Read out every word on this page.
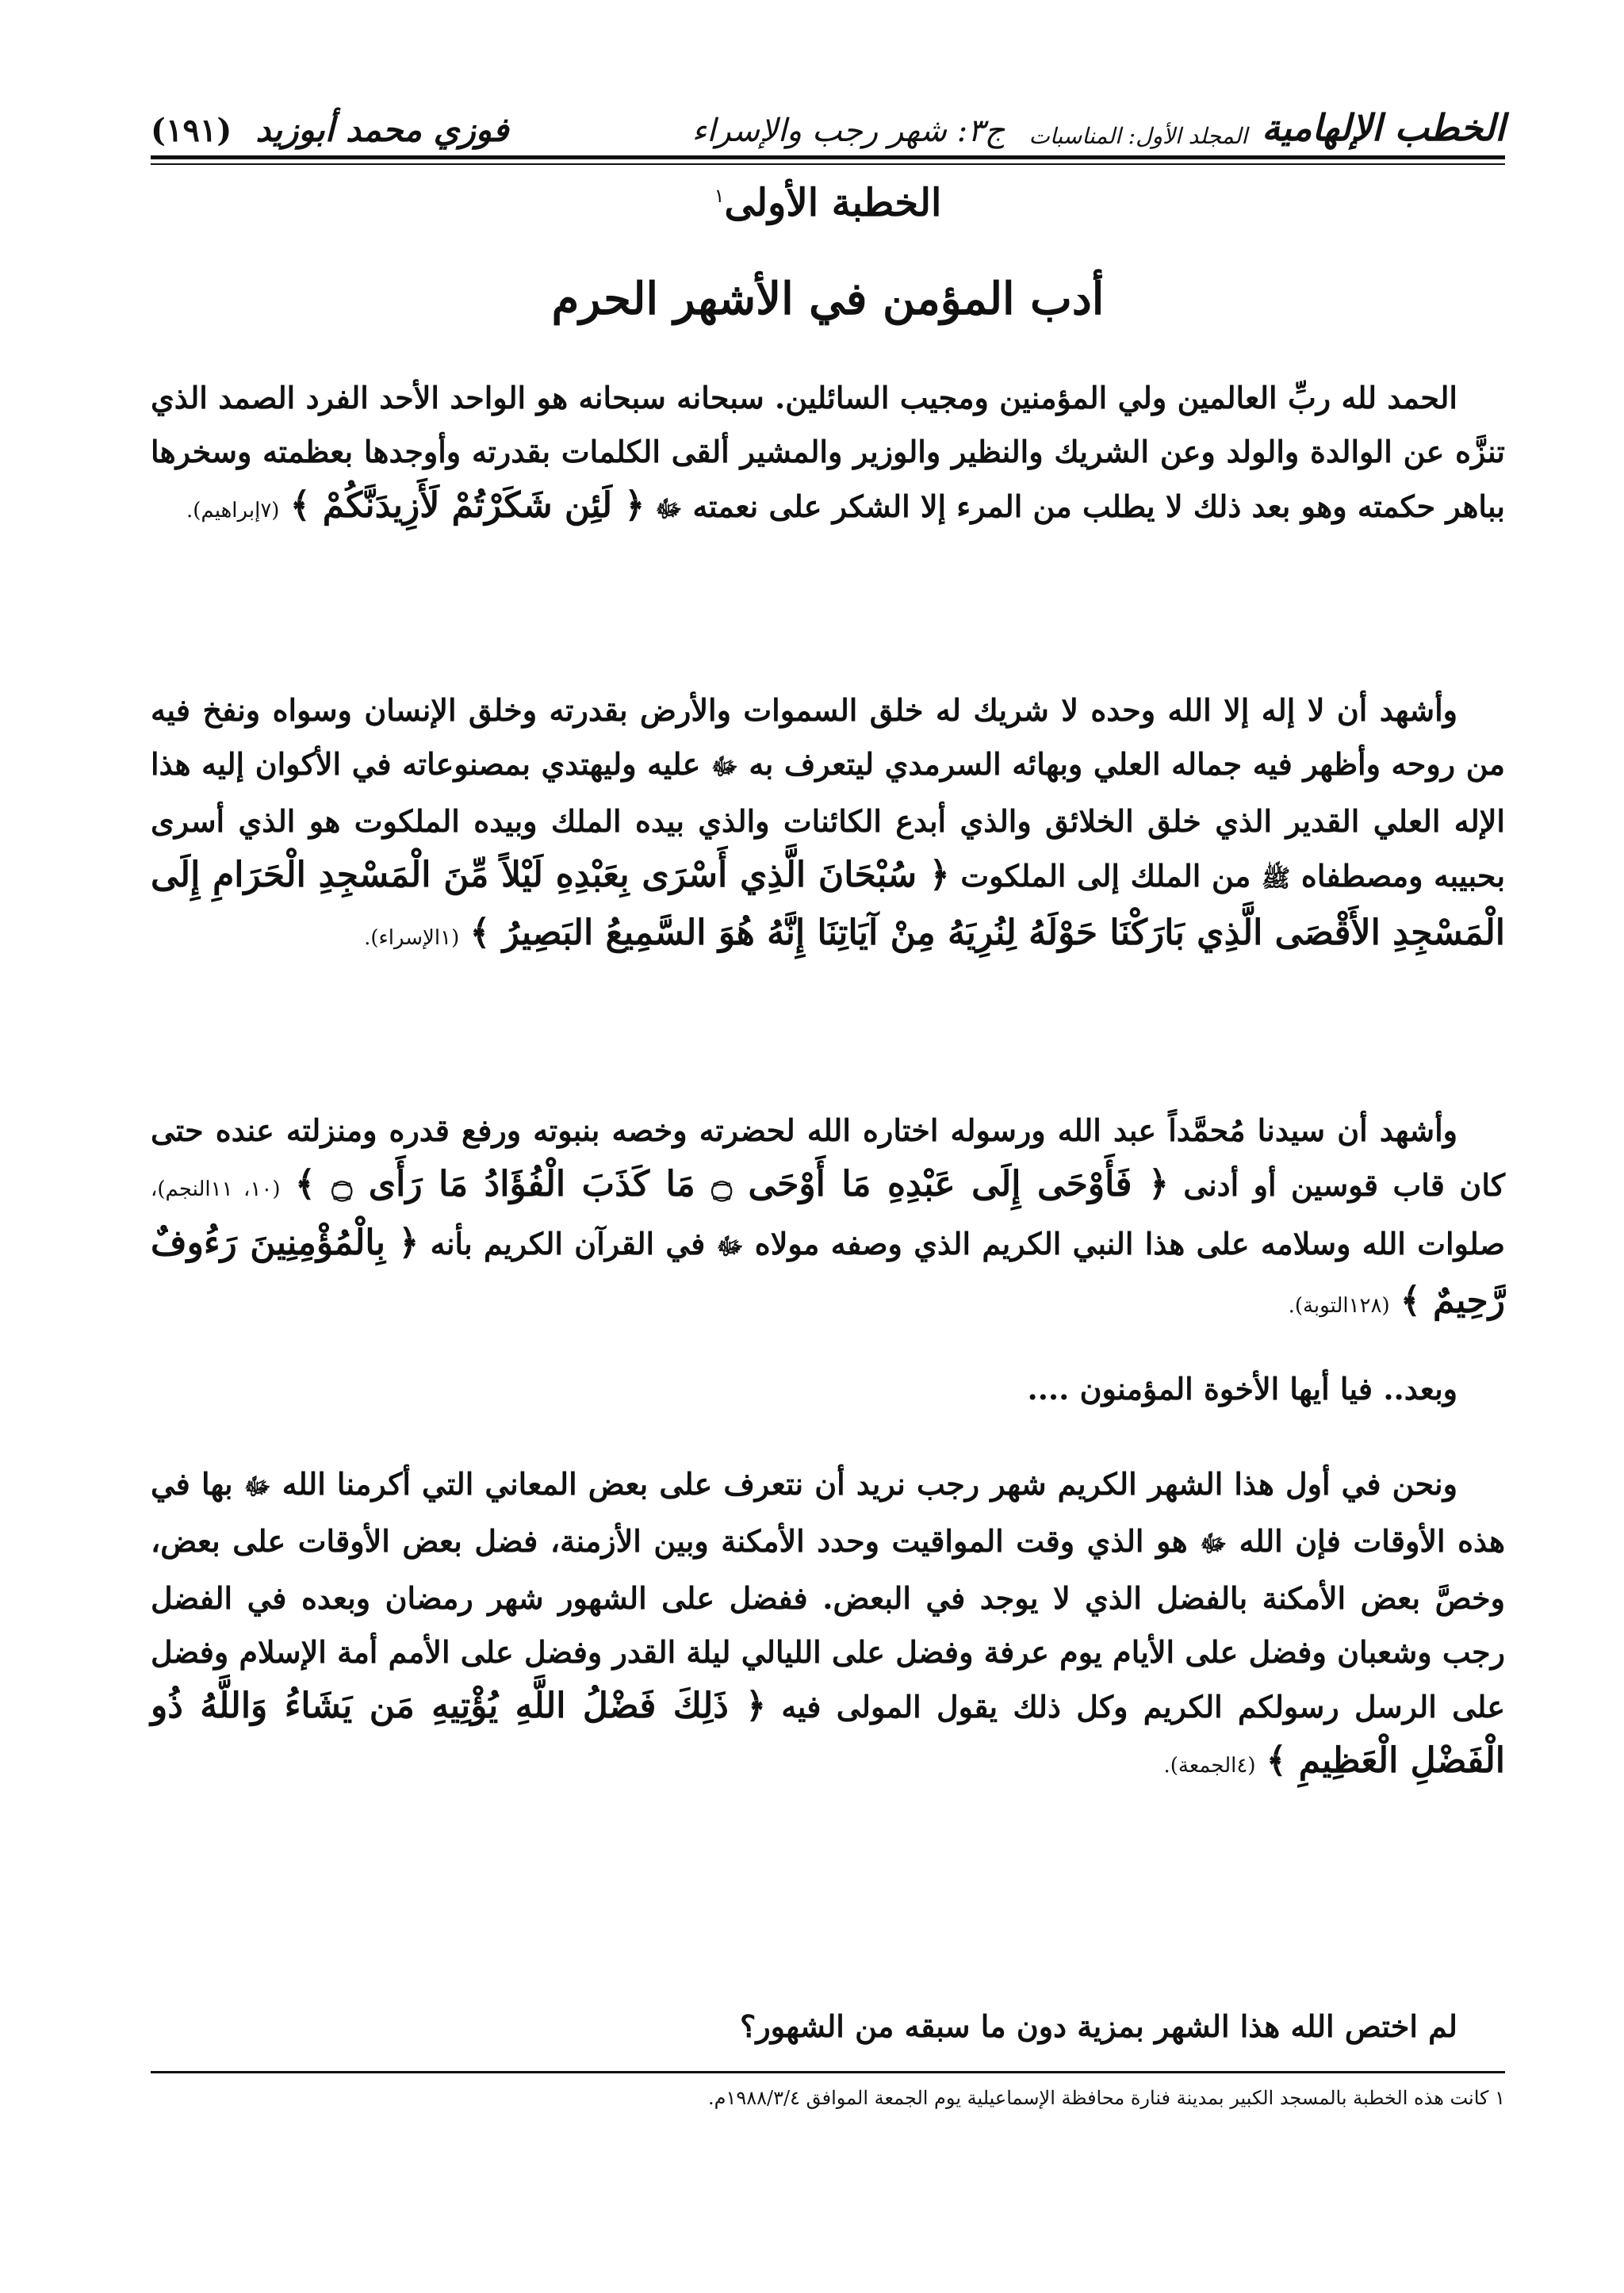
الخطب الإلهامية
المجلد الأول: المناسبات
ج٣: شهر رجب والإسراء
فوزي محمد أبوزيد
(١٩١)
الخطبة الأولى$^١$
أدب المؤمن في الأشهر الحرم

الحمد لله ربِّ العالمين ولي المؤمنين ومجيب السائلين. سبحانه سبحانه هو الواحد الأحد الفرد الصمد الذي تنزَّه عن الوالدة والولد وعن الشريك والنظير والوزير والمشير ألقى الكلمات بقدرته وأوجدها بعظمته وسخرها بباهر حكمته وهو بعد ذلك لا يطلب من المرء إلا الشكر على نعمته ﷻ ﴿ لَئِن شَكَرْتُمْ لَأَزِيدَنَّكُمْ ﴾ (٧إبراهيم).

وأشهد أن لا إله إلا الله وحده لا شريك له خلق السموات والأرض بقدرته وخلق الإنسان وسواه ونفخ فيه من روحه وأظهر فيه جماله العلي وبهائه السرمدي ليتعرف به ﷻ عليه وليهتدي بمصنوعاته في الأكوان إليه هذا الإله العلي القدير الذي خلق الخلائق والذي أبدع الكائنات والذي بيده الملك وبيده الملكوت هو الذي أسرى بحبيبه ومصطفاه ﷺ من الملك إلى الملكوت ﴿ سُبْحَانَ الَّذِي أَسْرَى بِعَبْدِهِ لَيْلاً مِّنَ الْمَسْجِدِ الْحَرَامِ إِلَى الْمَسْجِدِ الأَقْصَى الَّذِي بَارَكْنَا حَوْلَهُ لِنُرِيَهُ مِنْ آيَاتِنَا إِنَّهُ هُوَ السَّمِيعُ البَصِيرُ ﴾ (١الإسراء).

وأشهد أن سيدنا مُحمَّداً عبد الله ورسوله اختاره الله لحضرته وخصه بنبوته ورفع قدره ومنزلته عنده حتى كان قاب قوسين أو أدنى ﴿ فَأَوْحَى إِلَى عَبْدِهِ مَا أَوْحَى ۝ مَا كَذَبَ الْفُؤَادُ مَا رَأَى ۝ ﴾ (١٠، ١١النجم)، صلوات الله وسلامه على هذا النبي الكريم الذي وصفه مولاه ﷻ في القرآن الكريم بأنه ﴿ بِالْمُؤْمِنِينَ رَءُوفٌ رَّحِيمٌ ﴾ (١٢٨التوبة).

وبعد.. فيا أيها الأخوة المؤمنون ....

ونحن في أول هذا الشهر الكريم شهر رجب نريد أن نتعرف على بعض المعاني التي أكرمنا الله ﷻ بها في هذه الأوقات فإن الله ﷻ هو الذي وقت المواقيت وحدد الأمكنة وبين الأزمنة، فضل بعض الأوقات على بعض، وخصَّ بعض الأمكنة بالفضل الذي لا يوجد في البعض. ففضل على الشهور شهر رمضان وبعده في الفضل رجب وشعبان وفضل على الأيام يوم عرفة وفضل على الليالي ليلة القدر وفضل على الأمم أمة الإسلام وفضل على الرسل رسولكم الكريم وكل ذلك يقول المولى فيه ﴿ ذَلِكَ فَضْلُ اللَّهِ يُؤْتِيهِ مَن يَشَاءُ وَاللَّهُ ذُو الْفَضْلِ الْعَظِيمِ ﴾ (٤الجمعة).

لم اختص الله هذا الشهر بمزية دون ما سبقه من الشهور؟

١ كانت هذه الخطبة بالمسجد الكبير بمدينة فنارة محافظة الإسماعيلية يوم الجمعة الموافق ١٩٨٨/٣/٤م.
